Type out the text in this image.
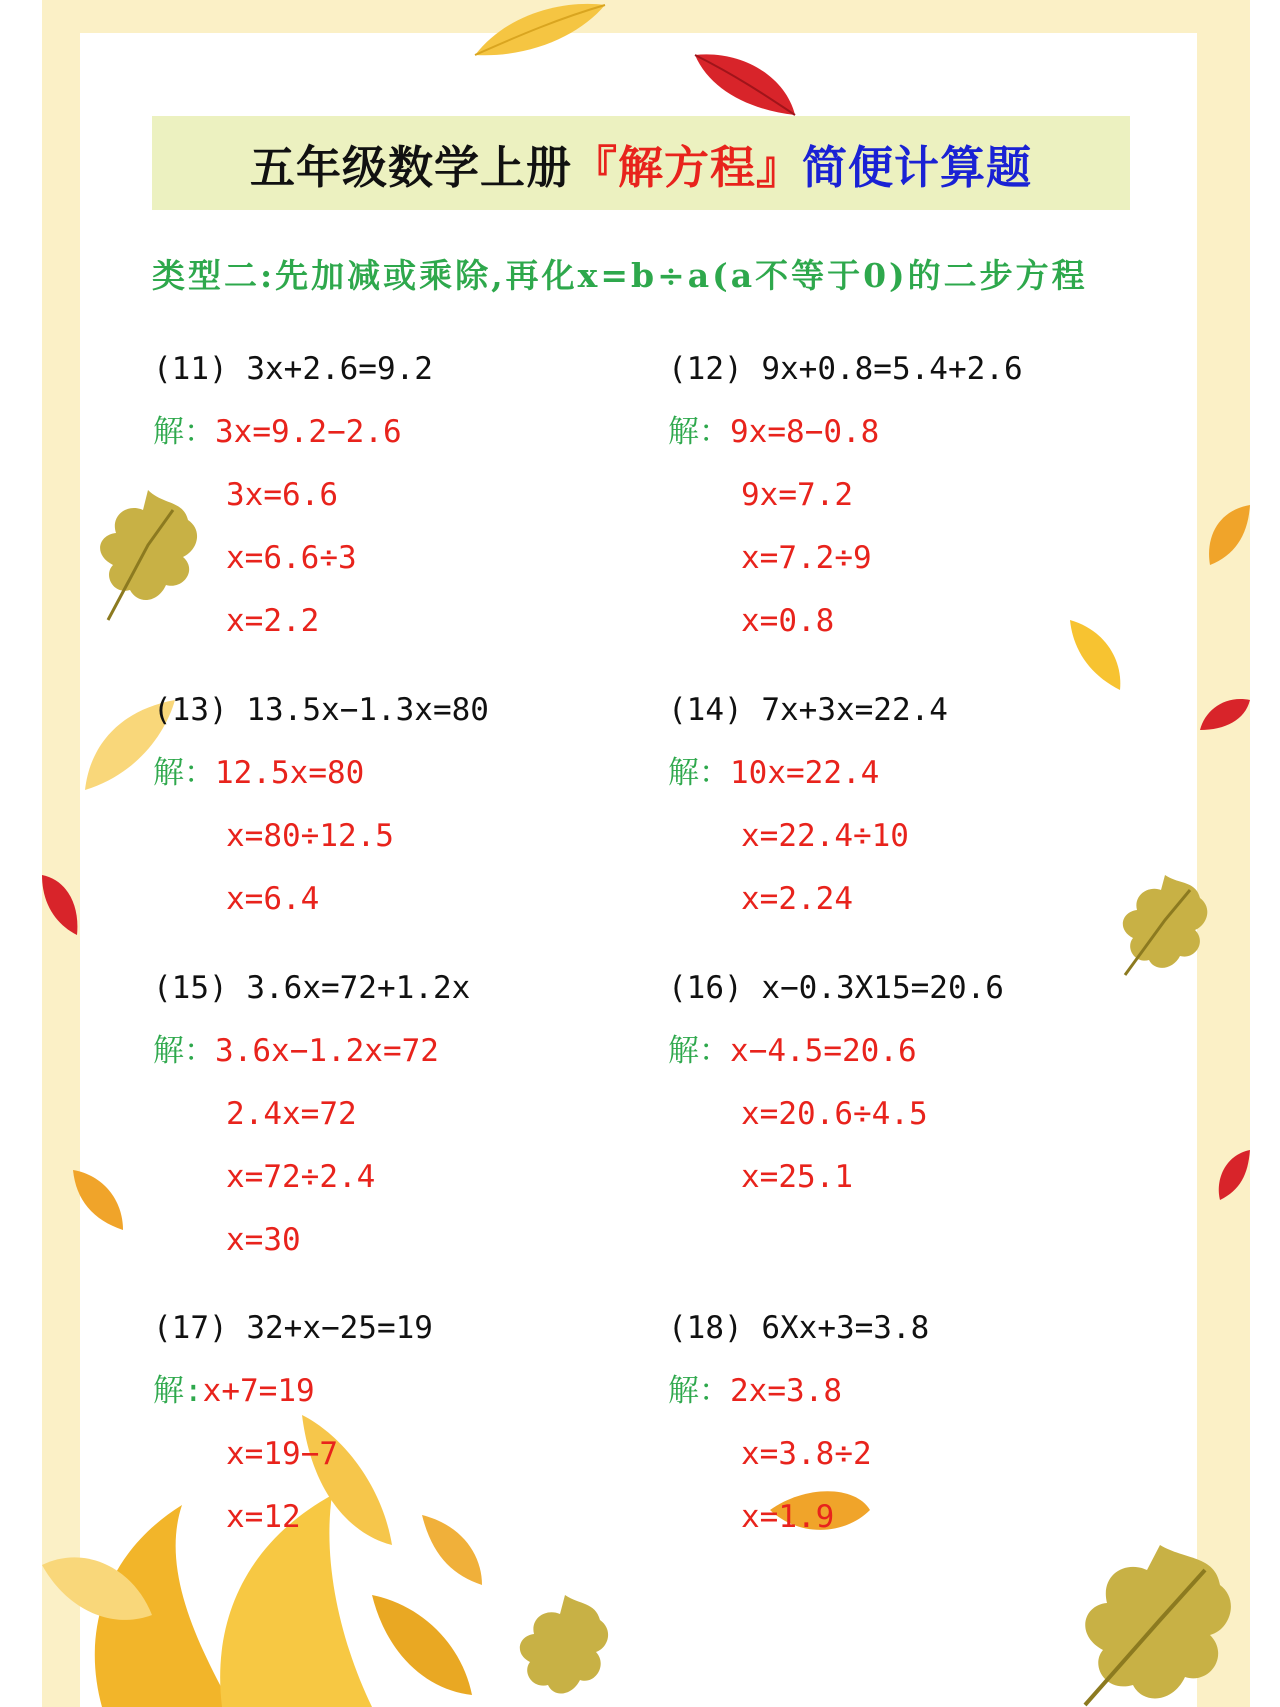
五年级数学上册 『解方程』 简便计算题
类型二:先加减或乘除,再化x=b÷a(a不等于0)的二步方程
(11) 3x+2.6=9.2
解：3x=9.2−2.6
3x=6.6
x=6.6÷3
x=2.2
(12) 9x+0.8=5.4+2.6
解：9x=8−0.8
9x=7.2
x=7.2÷9
x=0.8
(13) 13.5x−1.3x=80
解：12.5x=80
x=80÷12.5
x=6.4
(14) 7x+3x=22.4
解：10x=22.4
x=22.4÷10
x=2.24
(15) 3.6x=72+1.2x
解：3.6x−1.2x=72
2.4x=72
x=72÷2.4
x=30
(16) x−0.3X15=20.6
解：x−4.5=20.6
x=20.6÷4.5
x=25.1
(17) 32+x−25=19
解:x+7=19
x=19−7
x=12
(18) 6Xx+3=3.8
解：2x=3.8
x=3.8÷2
x=1.9
